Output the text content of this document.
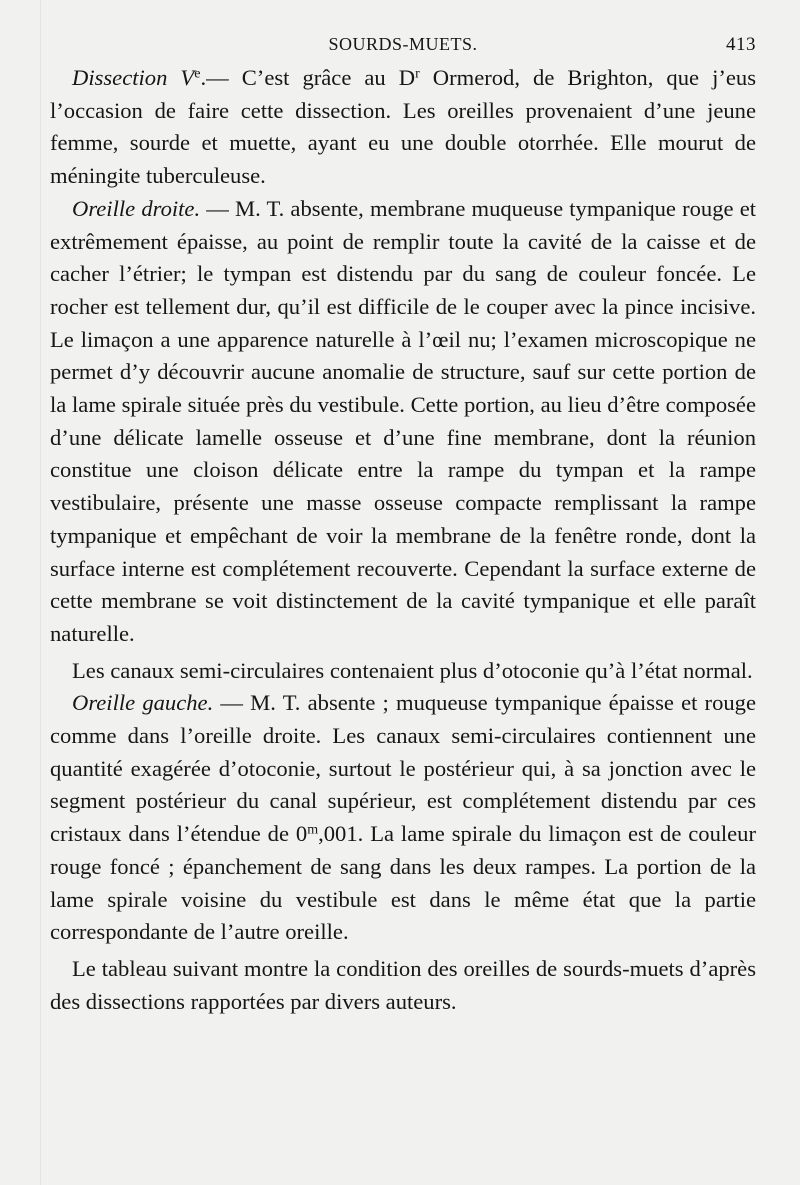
SOURDS-MUETS.	413

Dissection Ve.— C’est grâce au $D^r$ Ormerod, de Brighton, que j’eus l’occasion de faire cette dissection. Les oreilles provenaient d’une jeune femme, sourde et muette, ayant eu une double otorrhée. Elle mourut de méningite tuberculeuse.

Oreille droite. — M. T. absente, membrane muqueuse tympanique rouge et extrêmement épaisse, au point de remplir toute la cavité de la caisse et de cacher l’étrier; le tympan est distendu par du sang de couleur foncée. Le rocher est tellement dur, qu’il est difficile de le couper avec la pince incisive. Le limaçon a une apparence naturelle à l’œil nu; l’examen microscopique ne permet d’y découvrir aucune anomalie de structure, sauf sur cette portion de la lame spirale située près du vestibule. Cette portion, au lieu d’être composée d’une délicate lamelle osseuse et d’une fine membrane, dont la réunion constitue une cloison délicate entre la rampe du tympan et la rampe vestibulaire, présente une masse osseuse compacte remplissant la rampe tympanique et empêchant de voir la membrane de la fenêtre ronde, dont la surface interne est complétement recouverte. Cependant la surface externe de cette membrane se voit distinctement de la cavité tympanique et elle paraît naturelle.

Les canaux semi-circulaires contenaient plus d’otoconie qu’à l’état normal.

Oreille gauche. — M. T. absente ; muqueuse tympanique épaisse et rouge comme dans l’oreille droite. Les canaux semi-circulaires contiennent une quantité exagérée d’otoconie, surtout le postérieur qui, à sa jonction avec le segment postérieur du canal supérieur, est complétement distendu par ces cristaux dans l’étendue de 0$^m$,001. La lame spirale du limaçon est de couleur rouge foncé ; épanchement de sang dans les deux rampes. La portion de la lame spirale voisine du vestibule est dans le même état que la partie correspondante de l’autre oreille.

Le tableau suivant montre la condition des oreilles de sourds-muets d’après des dissections rapportées par divers auteurs.
